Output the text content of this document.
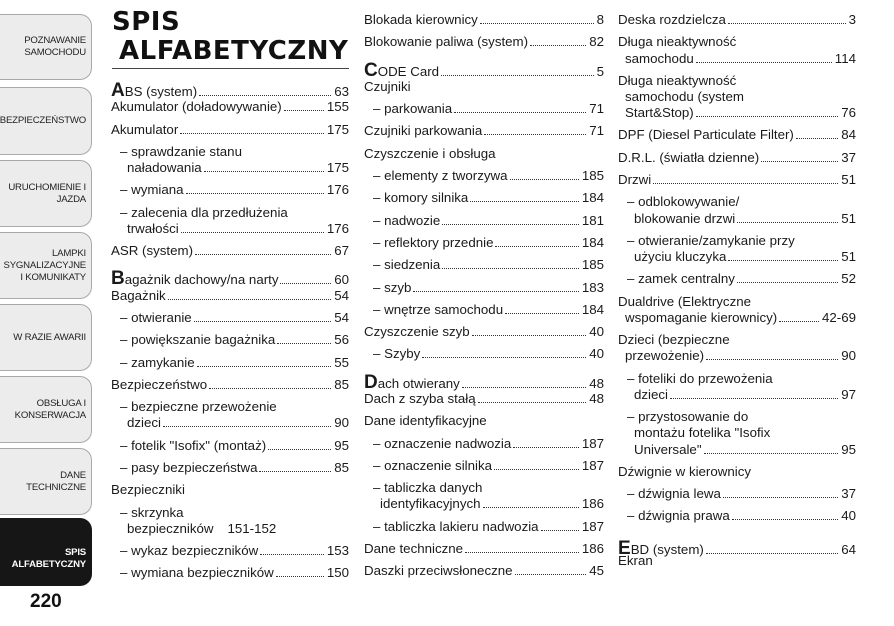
POZNAWANIE SAMOCHODU
BEZPIECZEŃSTWO
URUCHOMIENIE I JAZDA
LAMPKI SYGNALIZACYJNE I KOMUNIKATY
W RAZIE AWARII
OBSŁUGA I KONSERWACJA
DANE TECHNICZNE
SPIS ALFABETYCZNY
220
SPIS
ALFABETYCZNY
ABS (system)	63
Akumulator (doładowywanie)	155
Akumulator	175
– sprawdzanie stanu
naładowania	175
– wymiana	176
– zalecenia dla przedłużenia
trwałości	176
ASR (system)	67
Bagażnik dachowy/na narty	60
Bagażnik	54
– otwieranie	54
– powiększanie bagażnika	56
– zamykanie	55
Bezpieczeństwo	85
– bezpieczne przewożenie
dzieci	90
– fotelik "Isofix" (montaż)	95
– pasy bezpieczeństwa	85
Bezpieczniki
– skrzynka
bezpieczników 151-152
– wykaz bezpieczników	153
– wymiana bezpieczników	150
Blokada kierownicy	8
Blokowanie paliwa (system)	82
CODE Card	5
Czujniki
– parkowania	71
Czujniki parkowania	71
Czyszczenie i obsługa
– elementy z tworzywa	185
– komory silnika	184
– nadwozie	181
– reflektory przednie	184
– siedzenia	185
– szyb	183
– wnętrze samochodu	184
Czyszczenie szyb	40
– Szyby	40
Dach otwierany	48
Dach z szyba stałą	48
Dane identyfikacyjne
– oznaczenie nadwozia	187
– oznaczenie silnika	187
– tabliczka danych
identyfikacyjnych	186
– tabliczka lakieru nadwozia	187
Dane techniczne	186
Daszki przeciwsłoneczne	45
Deska rozdzielcza	3
Długa nieaktywność
samochodu	114
Długa nieaktywność
samochodu (system
Start&Stop)	76
DPF (Diesel Particulate Filter)	84
D.R.L. (światła dzienne)	37
Drzwi	51
– odblokowywanie/
blokowanie drzwi	51
– otwieranie/zamykanie przy
użyciu kluczyka	51
– zamek centralny	52
Dualdrive (Elektryczne
wspomaganie kierownicy)	42-69
Dzieci (bezpieczne
przewożenie)	90
– foteliki do przewożenia
dzieci	97
– przystosowanie do
montażu fotelika "Isofix
Universale"	95
Dźwignie w kierownicy
– dźwignia lewa	37
– dźwignia prawa	40
EBD (system)	64
Ekran
